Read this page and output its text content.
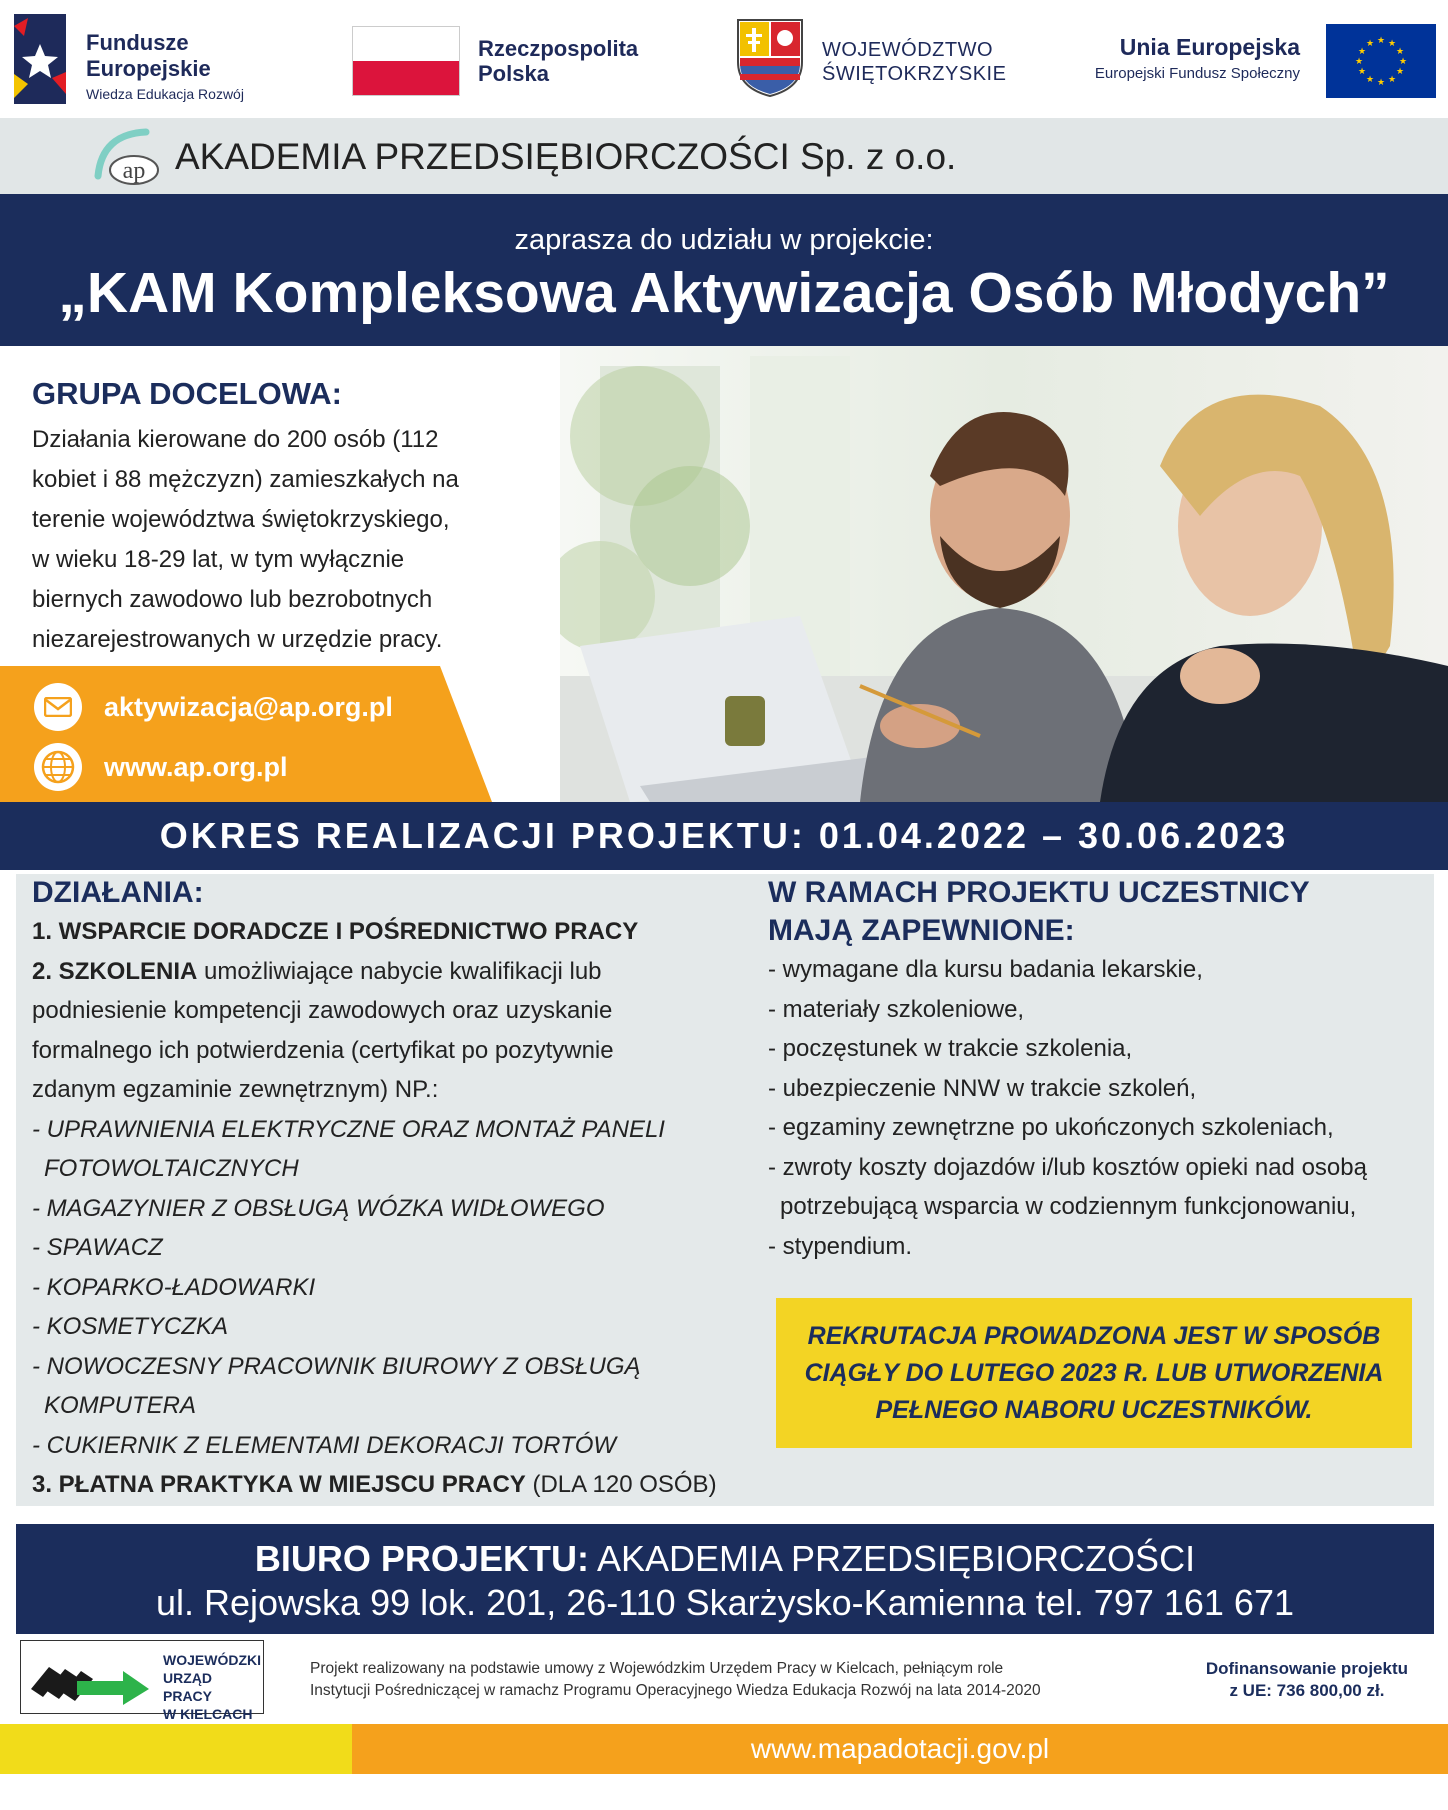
Fundusze
Europejskie
Wiedza Edukacja Rozwój
Rzeczpospolita
Polska
WOJEWÓDZTWO
ŚWIĘTOKRZYSKIE
Unia Europejska
Europejski Fundusz Społeczny
★ ★
★
★
★
★
★
★
★
★
★
★
ap AKADEMIA PRZEDSIĘBIORCZOŚCI Sp. z o.o.
zaprasza do udziału w projekcie:
„KAM Kompleksowa Aktywizacja Osób Młodych”
GRUPA DOCELOWA:
Działania kierowane do 200 osób (112
kobiet i 88 mężczyzn) zamieszkałych na
terenie województwa świętokrzyskiego,
w wieku 18-29 lat, w tym wyłącznie
biernych zawodowo lub bezrobotnych
niezarejestrowanych w urzędzie pracy.
aktywizacja@ap.org.pl
www.ap.org.pl
OKRES REALIZACJI PROJEKTU: 01.04.2022 – 30.06.2023
DZIAŁANIA:
1. WSPARCIE DORADCZE I POŚREDNICTWO PRACY
2. SZKOLENIA umożliwiające nabycie kwalifikacji lub
podniesienie kompetencji zawodowych oraz uzyskanie
formalnego ich potwierdzenia (certyfikat po pozytywnie
zdanym egzaminie zewnętrznym) NP.:
- UPRAWNIENIA ELEKTRYCZNE ORAZ MONTAŻ PANELI
FOTOWOLTAICZNYCH
- MAGAZYNIER Z OBSŁUGĄ WÓZKA WIDŁOWEGO
- SPAWACZ
- KOPARKO-ŁADOWARKI
- KOSMETYCZKA
- NOWOCZESNY PRACOWNIK BIUROWY Z OBSŁUGĄ
KOMPUTERA
- CUKIERNIK Z ELEMENTAMI DEKORACJI TORTÓW
3. PŁATNA PRAKTYKA W MIEJSCU PRACY (DLA 120 OSÓB)
W RAMACH PROJEKTU UCZESTNICY
MAJĄ ZAPEWNIONE:
- wymagane dla kursu badania lekarskie,
- materiały szkoleniowe,
- poczęstunek w trakcie szkolenia,
- ubezpieczenie NNW w trakcie szkoleń,
- egzaminy zewnętrzne po ukończonych szkoleniach,
- zwroty koszty dojazdów i/lub kosztów opieki nad osobą
potrzebującą wsparcia w codziennym funkcjonowaniu,
- stypendium.
REKRUTACJA PROWADZONA JEST W SPOSÓB
CIĄGŁY DO LUTEGO 2023 R. LUB UTWORZENIA
PEŁNEGO NABORU UCZESTNIKÓW.
BIURO PROJEKTU: AKADEMIA PRZEDSIĘBIORCZOŚCI
ul. Rejowska 99 lok. 201, 26-110 Skarżysko-Kamienna tel. 797 161 671
WOJEWÓDZKI
URZĄD PRACY
W KIELCACH
Projekt realizowany na podstawie umowy z Wojewódzkim Urzędem Pracy w Kielcach, pełniącym role
Instytucji Pośredniczącej w ramachz Programu Operacyjnego Wiedza Edukacja Rozwój na lata 2014-2020
Dofinansowanie projektu
z UE: 736 800,00 zł.
www.mapadotacji.gov.pl
